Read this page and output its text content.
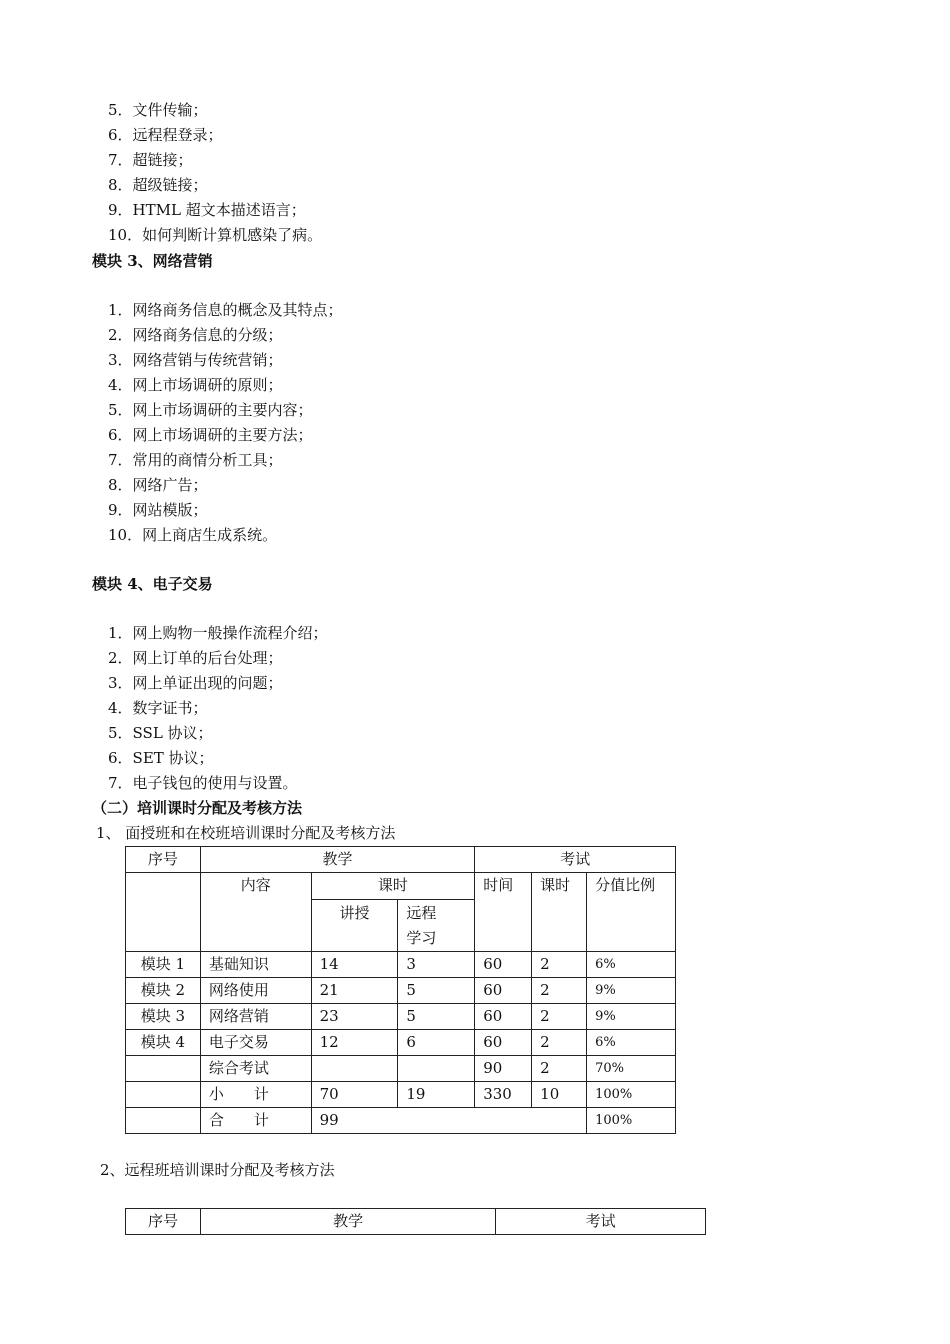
5．文件传输；
6．远程程登录；
7．超链接；
8．超级链接；
9．HTML 超文本描述语言；
10．如何判断计算机感染了病。
模块 3、网络营销
1．网络商务信息的概念及其特点；
2．网络商务信息的分级；
3．网络营销与传统营销；
4．网上市场调研的原则；
5．网上市场调研的主要内容；
6．网上市场调研的主要方法；
7．常用的商情分析工具；
8．网络广告；
9．网站模版；
10．网上商店生成系统。
模块 4、电子交易
1．网上购物一般操作流程介绍；
2．网上订单的后台处理；
3．网上单证出现的问题；
4．数字证书；
5．SSL 协议；
6．SET 协议；
7．电子钱包的使用与设置。
（二）培训课时分配及考核方法
1、 面授班和在校班培训课时分配及考核方法
序号	教学			考试		
	内容	课时		时间	课时	分值比例
		讲授	远程
学习			

模块 1	基础知识	14	3	60	2	6%
模块 2	网络使用	21	5	60	2	9%
模块 3	网络营销	23	5	60	2	9%
模块 4	电子交易	12	6	60	2	6%
	综合考试			90	2	70%
	小　　计	70	19	330	10	100%
	合　　计	99				100%
2、远程班培训课时分配及考核方法
序号	教学	考试
